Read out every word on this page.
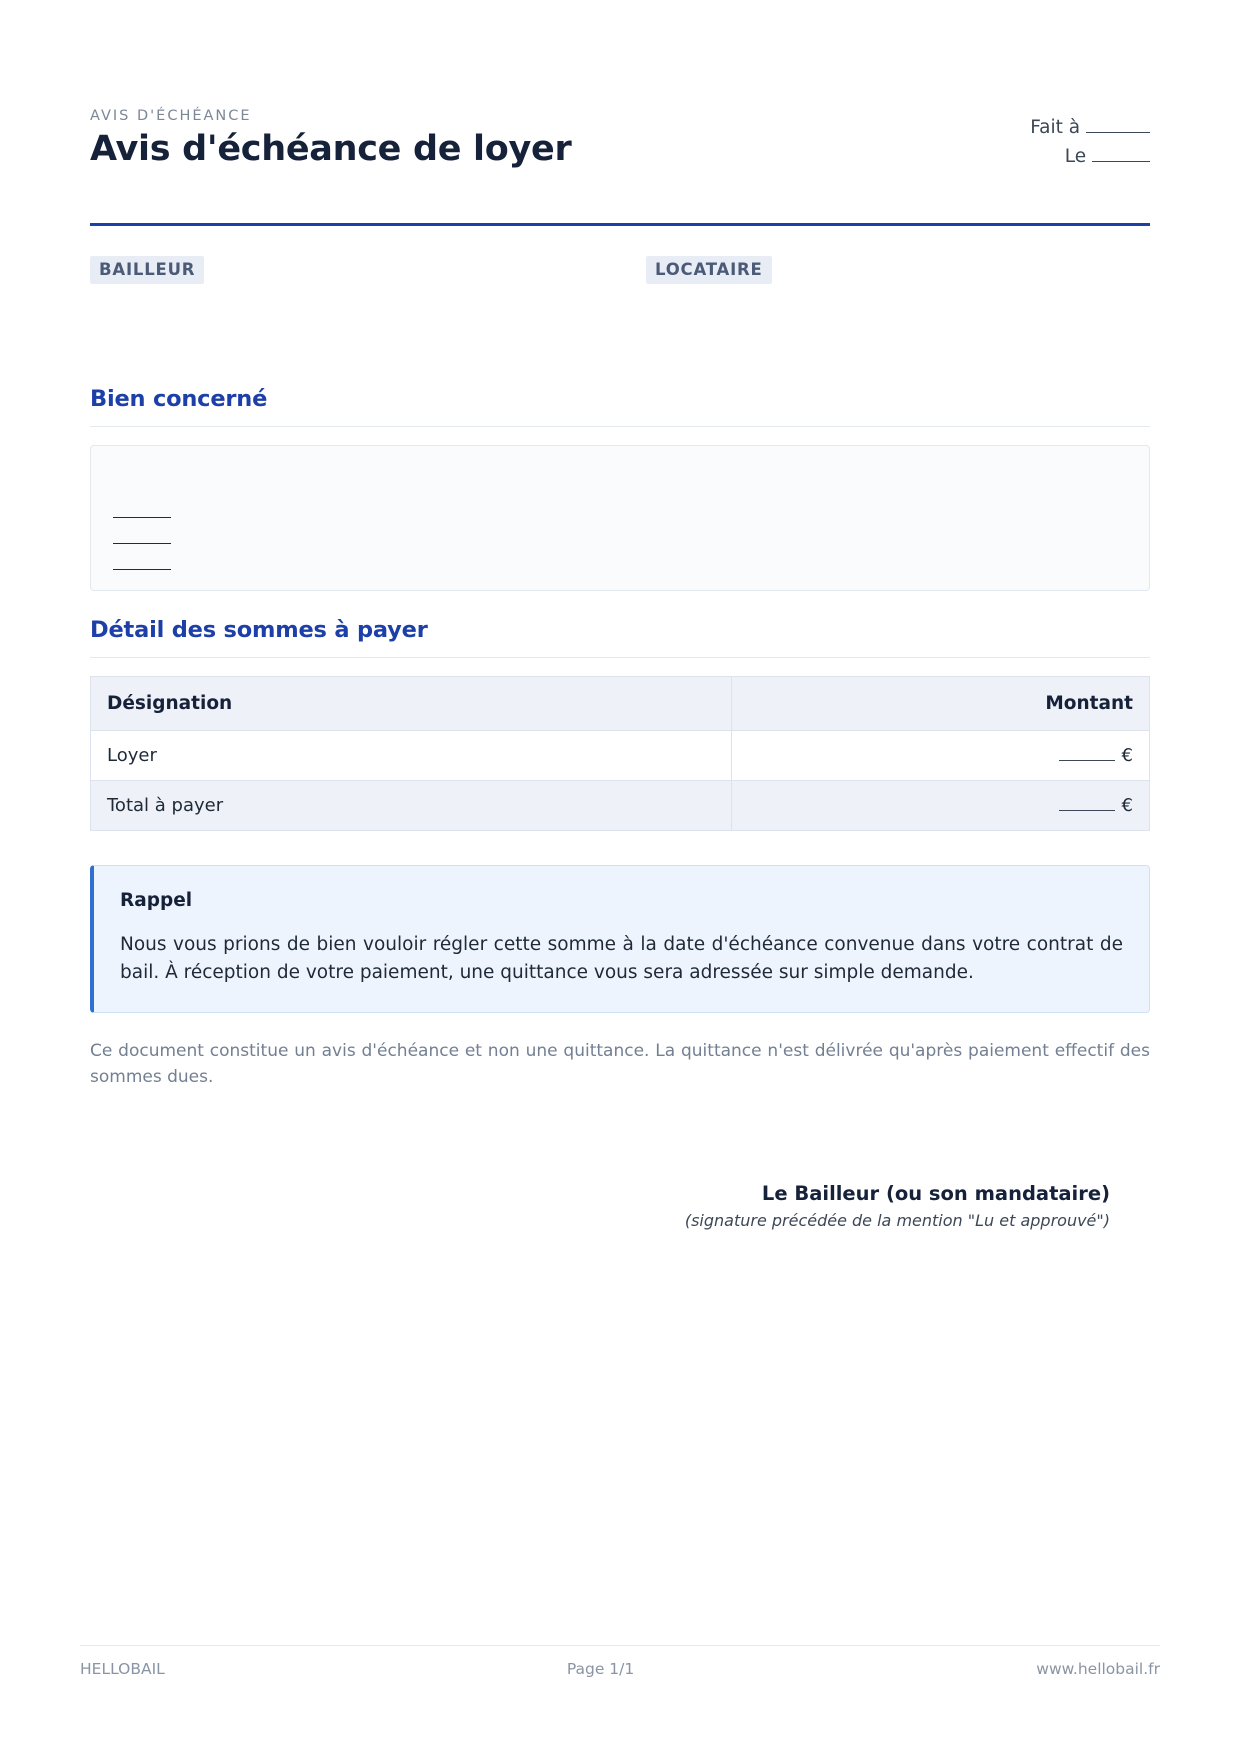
AVIS D'ÉCHÉANCE
Avis d'échéance de loyer
Fait à
Le
BAILLEUR	LOCATAIRE
Bien concerné
Détail des sommes à payer
Désignation	Montant
Loyer	€
Total à payer	€

Rappel

Nous vous prions de bien vouloir régler cette somme à la date d'échéance convenue dans votre contrat de bail. À réception de votre paiement, une quittance vous sera adressée sur simple demande.

Ce document constitue un avis d'échéance et non une quittance. La quittance n'est délivrée qu'après paiement effectif des sommes dues.

Le Bailleur (ou son mandataire)

(signature précédée de la mention "Lu et approuvé")

HELLOBAIL	Page 1/1	www.hellobail.fr
